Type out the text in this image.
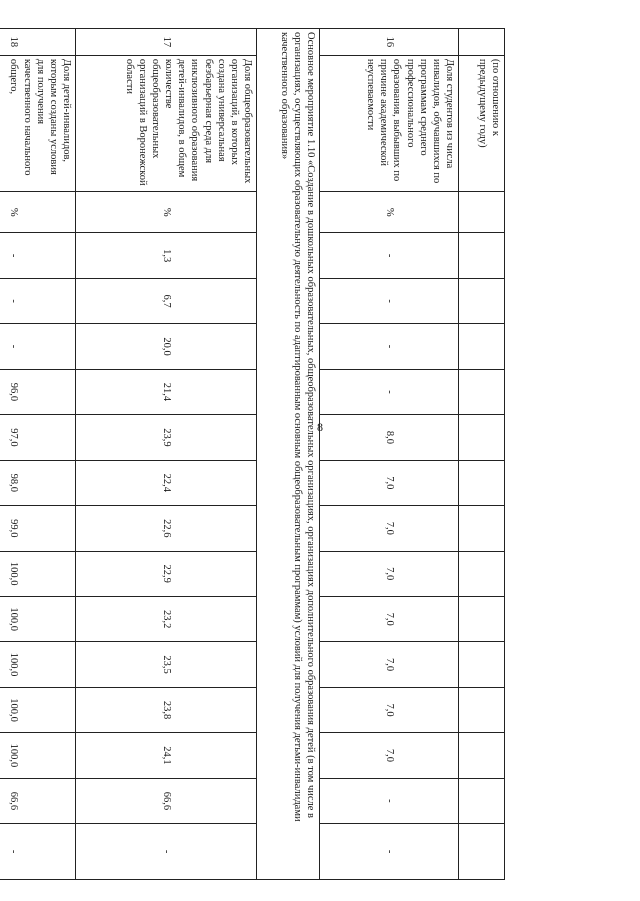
8
	(по отношению к предыдущему году)															
16	Доля студентов из числа инвалидов, обучавшихся по программам среднего профессионального образования, выбывших по причине академической неуспеваемости	%	-	-	-	-	8,0	7,0	7,0	7,0	7,0	7,0	7,0	7,0	-	-
Основное мероприятие 1.10 «Создание в дошкольных образовательных, общеобразовательных организациях, организациях дополнительного образования детей (в том числе в организациях, осуществляющих образовательную деятельность по адаптированным основным общеобразовательным программам) условий для получения детьми-инвалидами качественного образования»																
17	Доля общеобразовательных организаций, в которых создана универсальная безбарьерная среда для инклюзивного образования детей-инвалидов, в общем количестве общеобразовательных организаций в Воронежской области	%	1,3	6,7	20,0	21,4	23,9	22,4	22,6	22,9	23,2	23,5	23,8	24,1	66,6	-
18	Доля детей-инвалидов, которым созданы условия для получения качественного начального общего,	%	-	-	-	96,0	97,0	98,0	99,0	100,0	100,0	100,0	100,0	100,0	66,6	-
